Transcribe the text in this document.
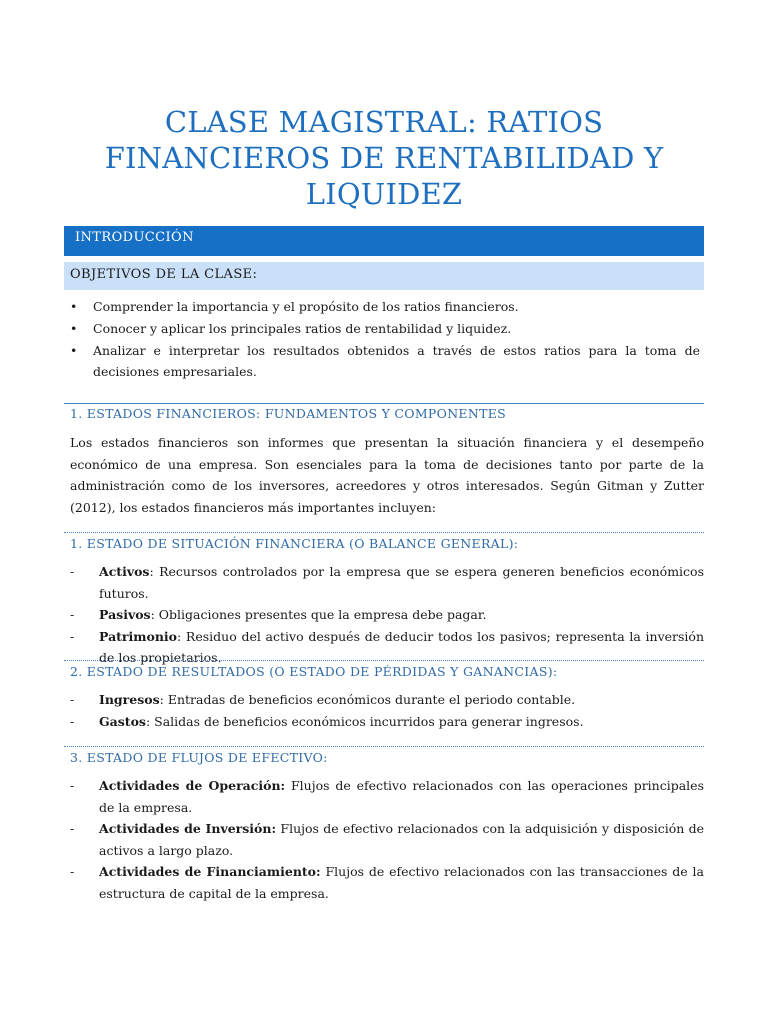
CLASE MAGISTRAL: RATIOS FINANCIEROS DE RENTABILIDAD Y LIQUIDEZ
INTRODUCCIÓN
OBJETIVOS DE LA CLASE:
• Comprender la importancia y el propósito de los ratios financieros.
• Conocer y aplicar los principales ratios de rentabilidad y liquidez.
• Analizar e interpretar los resultados obtenidos a través de estos ratios para la toma de decisiones empresariales.
1. ESTADOS FINANCIEROS: FUNDAMENTOS Y COMPONENTES
Los estados financieros son informes que presentan la situación financiera y el desempeño económico de una empresa. Son esenciales para la toma de decisiones tanto por parte de la administración como de los inversores, acreedores y otros interesados. Según Gitman y Zutter (2012), los estados financieros más importantes incluyen:
1. ESTADO DE SITUACIÓN FINANCIERA (O BALANCE GENERAL):
- Activos: Recursos controlados por la empresa que se espera generen beneficios económicos futuros.
- Pasivos: Obligaciones presentes que la empresa debe pagar.
- Patrimonio: Residuo del activo después de deducir todos los pasivos; representa la inversión de los propietarios.
2. ESTADO DE RESULTADOS (O ESTADO DE PÉRDIDAS Y GANANCIAS):
- Ingresos: Entradas de beneficios económicos durante el periodo contable.
- Gastos: Salidas de beneficios económicos incurridos para generar ingresos.
3. ESTADO DE FLUJOS DE EFECTIVO:
- Actividades de Operación: Flujos de efectivo relacionados con las operaciones principales de la empresa.
- Actividades de Inversión: Flujos de efectivo relacionados con la adquisición y disposición de activos a largo plazo.
- Actividades de Financiamiento: Flujos de efectivo relacionados con las transacciones de la estructura de capital de la empresa.
